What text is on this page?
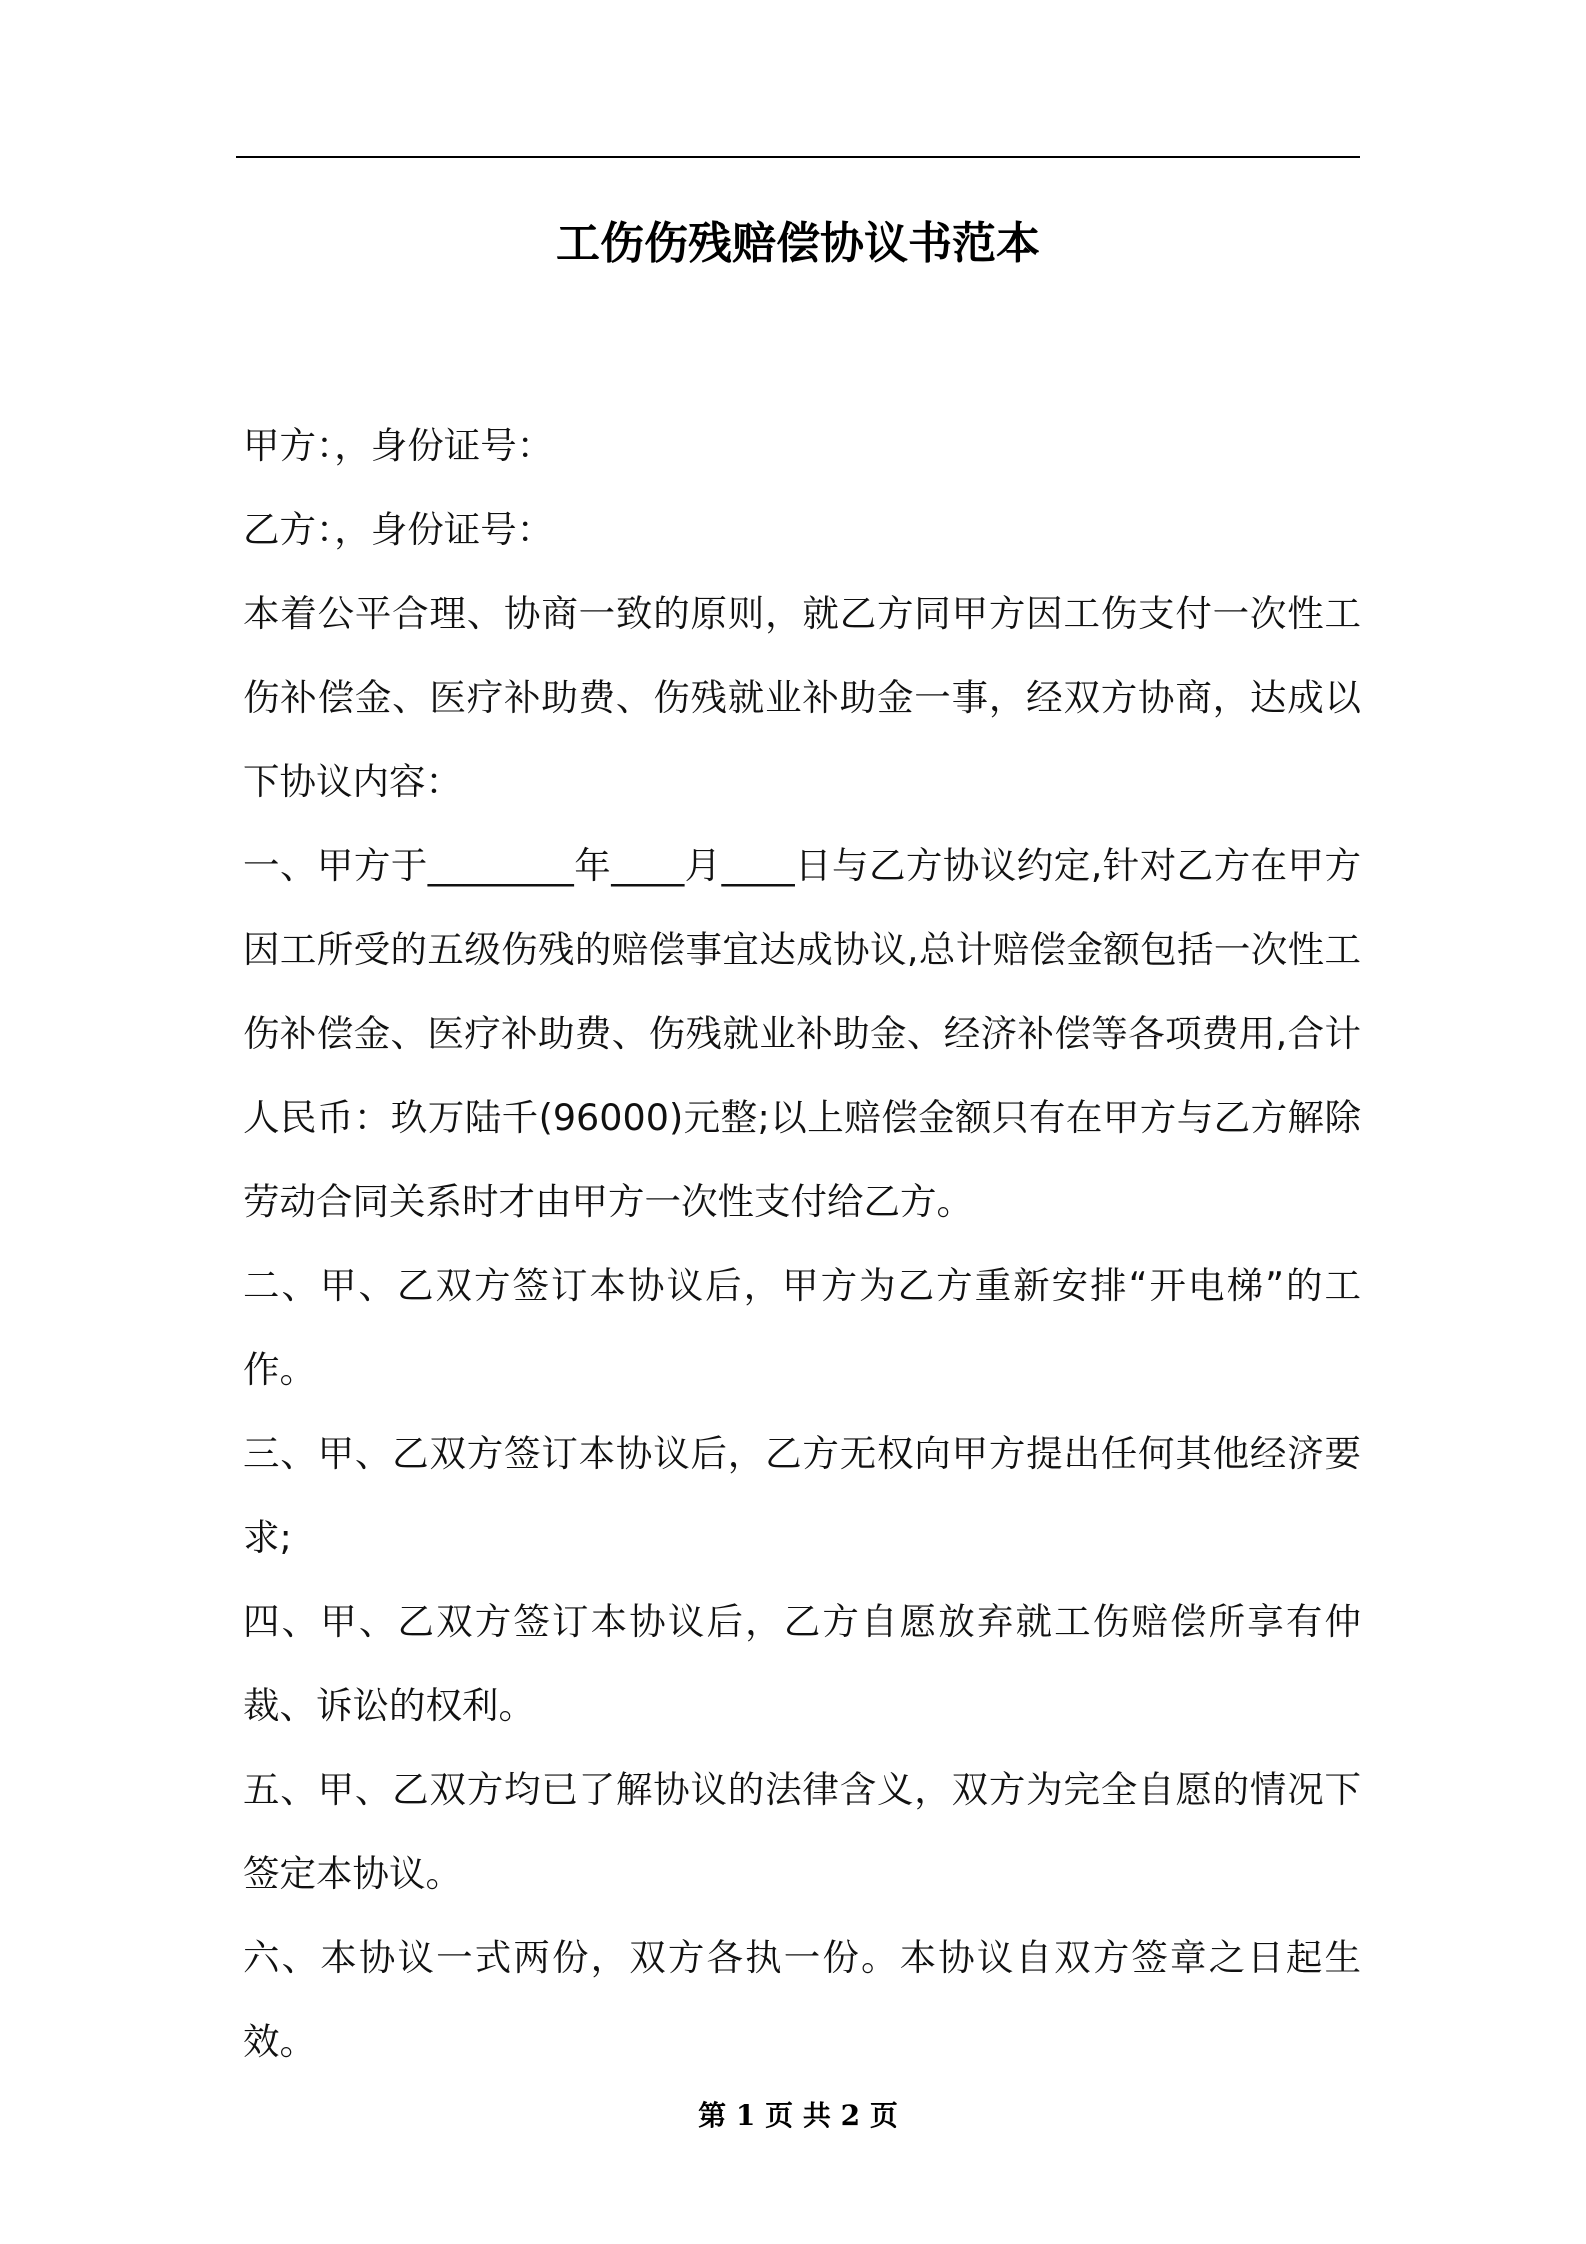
工伤伤残赔偿协议书范本

甲方：，身份证号：

乙方：，身份证号：

本着公平合理、协商一致的原则，就乙方同甲方因工伤支付一次性工伤补偿金、医疗补助费、伤残就业补助金一事，经双方协商，达成以下协议内容：

一、甲方于________年____月____日与乙方协议约定,针对乙方在甲方因工所受的五级伤残的赔偿事宜达成协议,总计赔偿金额包括一次性工伤补偿金、医疗补助费、伤残就业补助金、经济补偿等各项费用,合计人民币：玖万陆千(96000)元整;以上赔偿金额只有在甲方与乙方解除劳动合同关系时才由甲方一次性支付给乙方。

二、甲、乙双方签订本协议后，甲方为乙方重新安排“开电梯”的工作。

三、甲、乙双方签订本协议后，乙方无权向甲方提出任何其他经济要求;

四、甲、乙双方签订本协议后，乙方自愿放弃就工伤赔偿所享有仲裁、诉讼的权利。

五、甲、乙双方均已了解协议的法律含义，双方为完全自愿的情况下签定本协议。

六、本协议一式两份，双方各执一份。本协议自双方签章之日起生效。

第 1 页 共 2 页
